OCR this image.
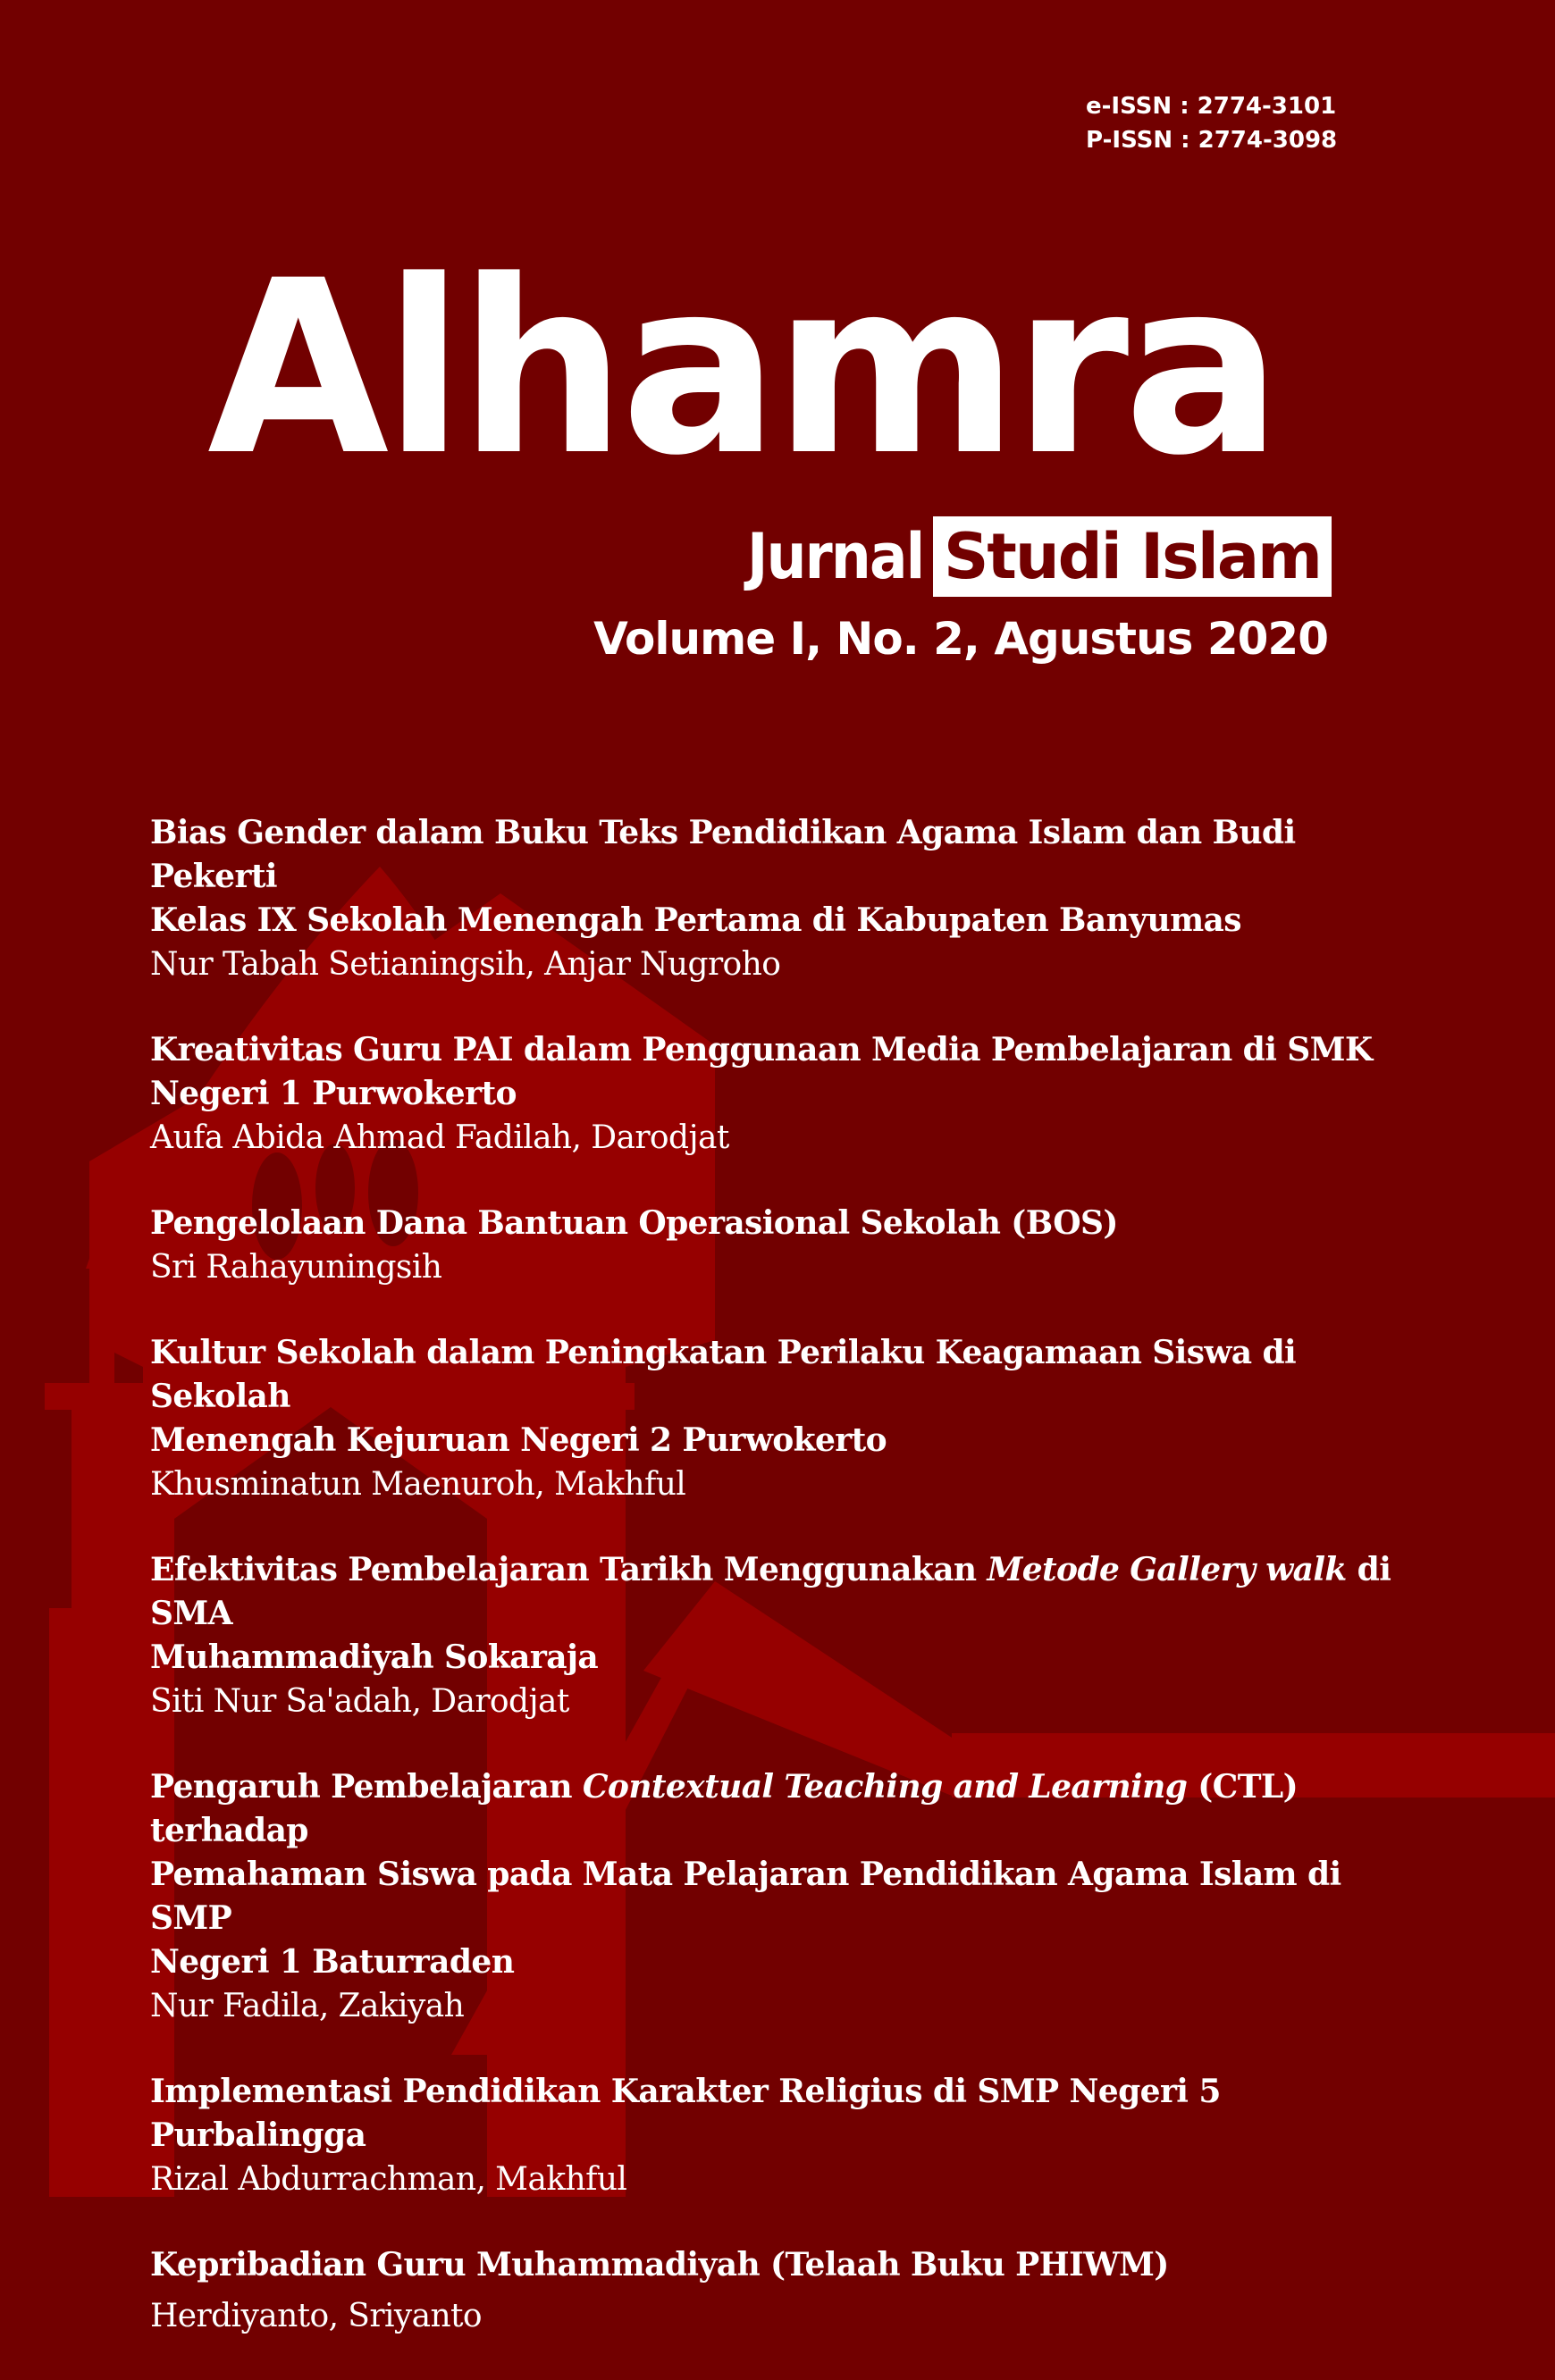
e-ISSN : 2774-3101
P-ISSN : 2774-3098
Alhamra
Jurnal Studi Islam
Volume I, No. 2, Agustus 2020
Bias Gender dalam Buku Teks Pendidikan Agama Islam dan Budi Pekerti
Kelas IX Sekolah Menengah Pertama di Kabupaten Banyumas
Nur Tabah Setianingsih, Anjar Nugroho
Kreativitas Guru PAI dalam Penggunaan Media Pembelajaran di SMK
Negeri 1 Purwokerto
Aufa Abida Ahmad Fadilah, Darodjat
Pengelolaan Dana Bantuan Operasional Sekolah (BOS)
Sri Rahayuningsih
Kultur Sekolah dalam Peningkatan Perilaku Keagamaan Siswa di Sekolah
Menengah Kejuruan Negeri 2 Purwokerto
Khusminatun Maenuroh, Makhful
Efektivitas Pembelajaran Tarikh Menggunakan Metode Gallery walk di SMA
Muhammadiyah Sokaraja
Siti Nur Sa'adah, Darodjat
Pengaruh Pembelajaran Contextual Teaching and Learning (CTL) terhadap
Pemahaman Siswa pada Mata Pelajaran Pendidikan Agama Islam di SMP
Negeri 1 Baturraden
Nur Fadila, Zakiyah
Implementasi Pendidikan Karakter Religius di SMP Negeri 5 Purbalingga
Rizal Abdurrachman, Makhful
Kepribadian Guru Muhammadiyah (Telaah Buku PHIWM)
Herdiyanto, Sriyanto
